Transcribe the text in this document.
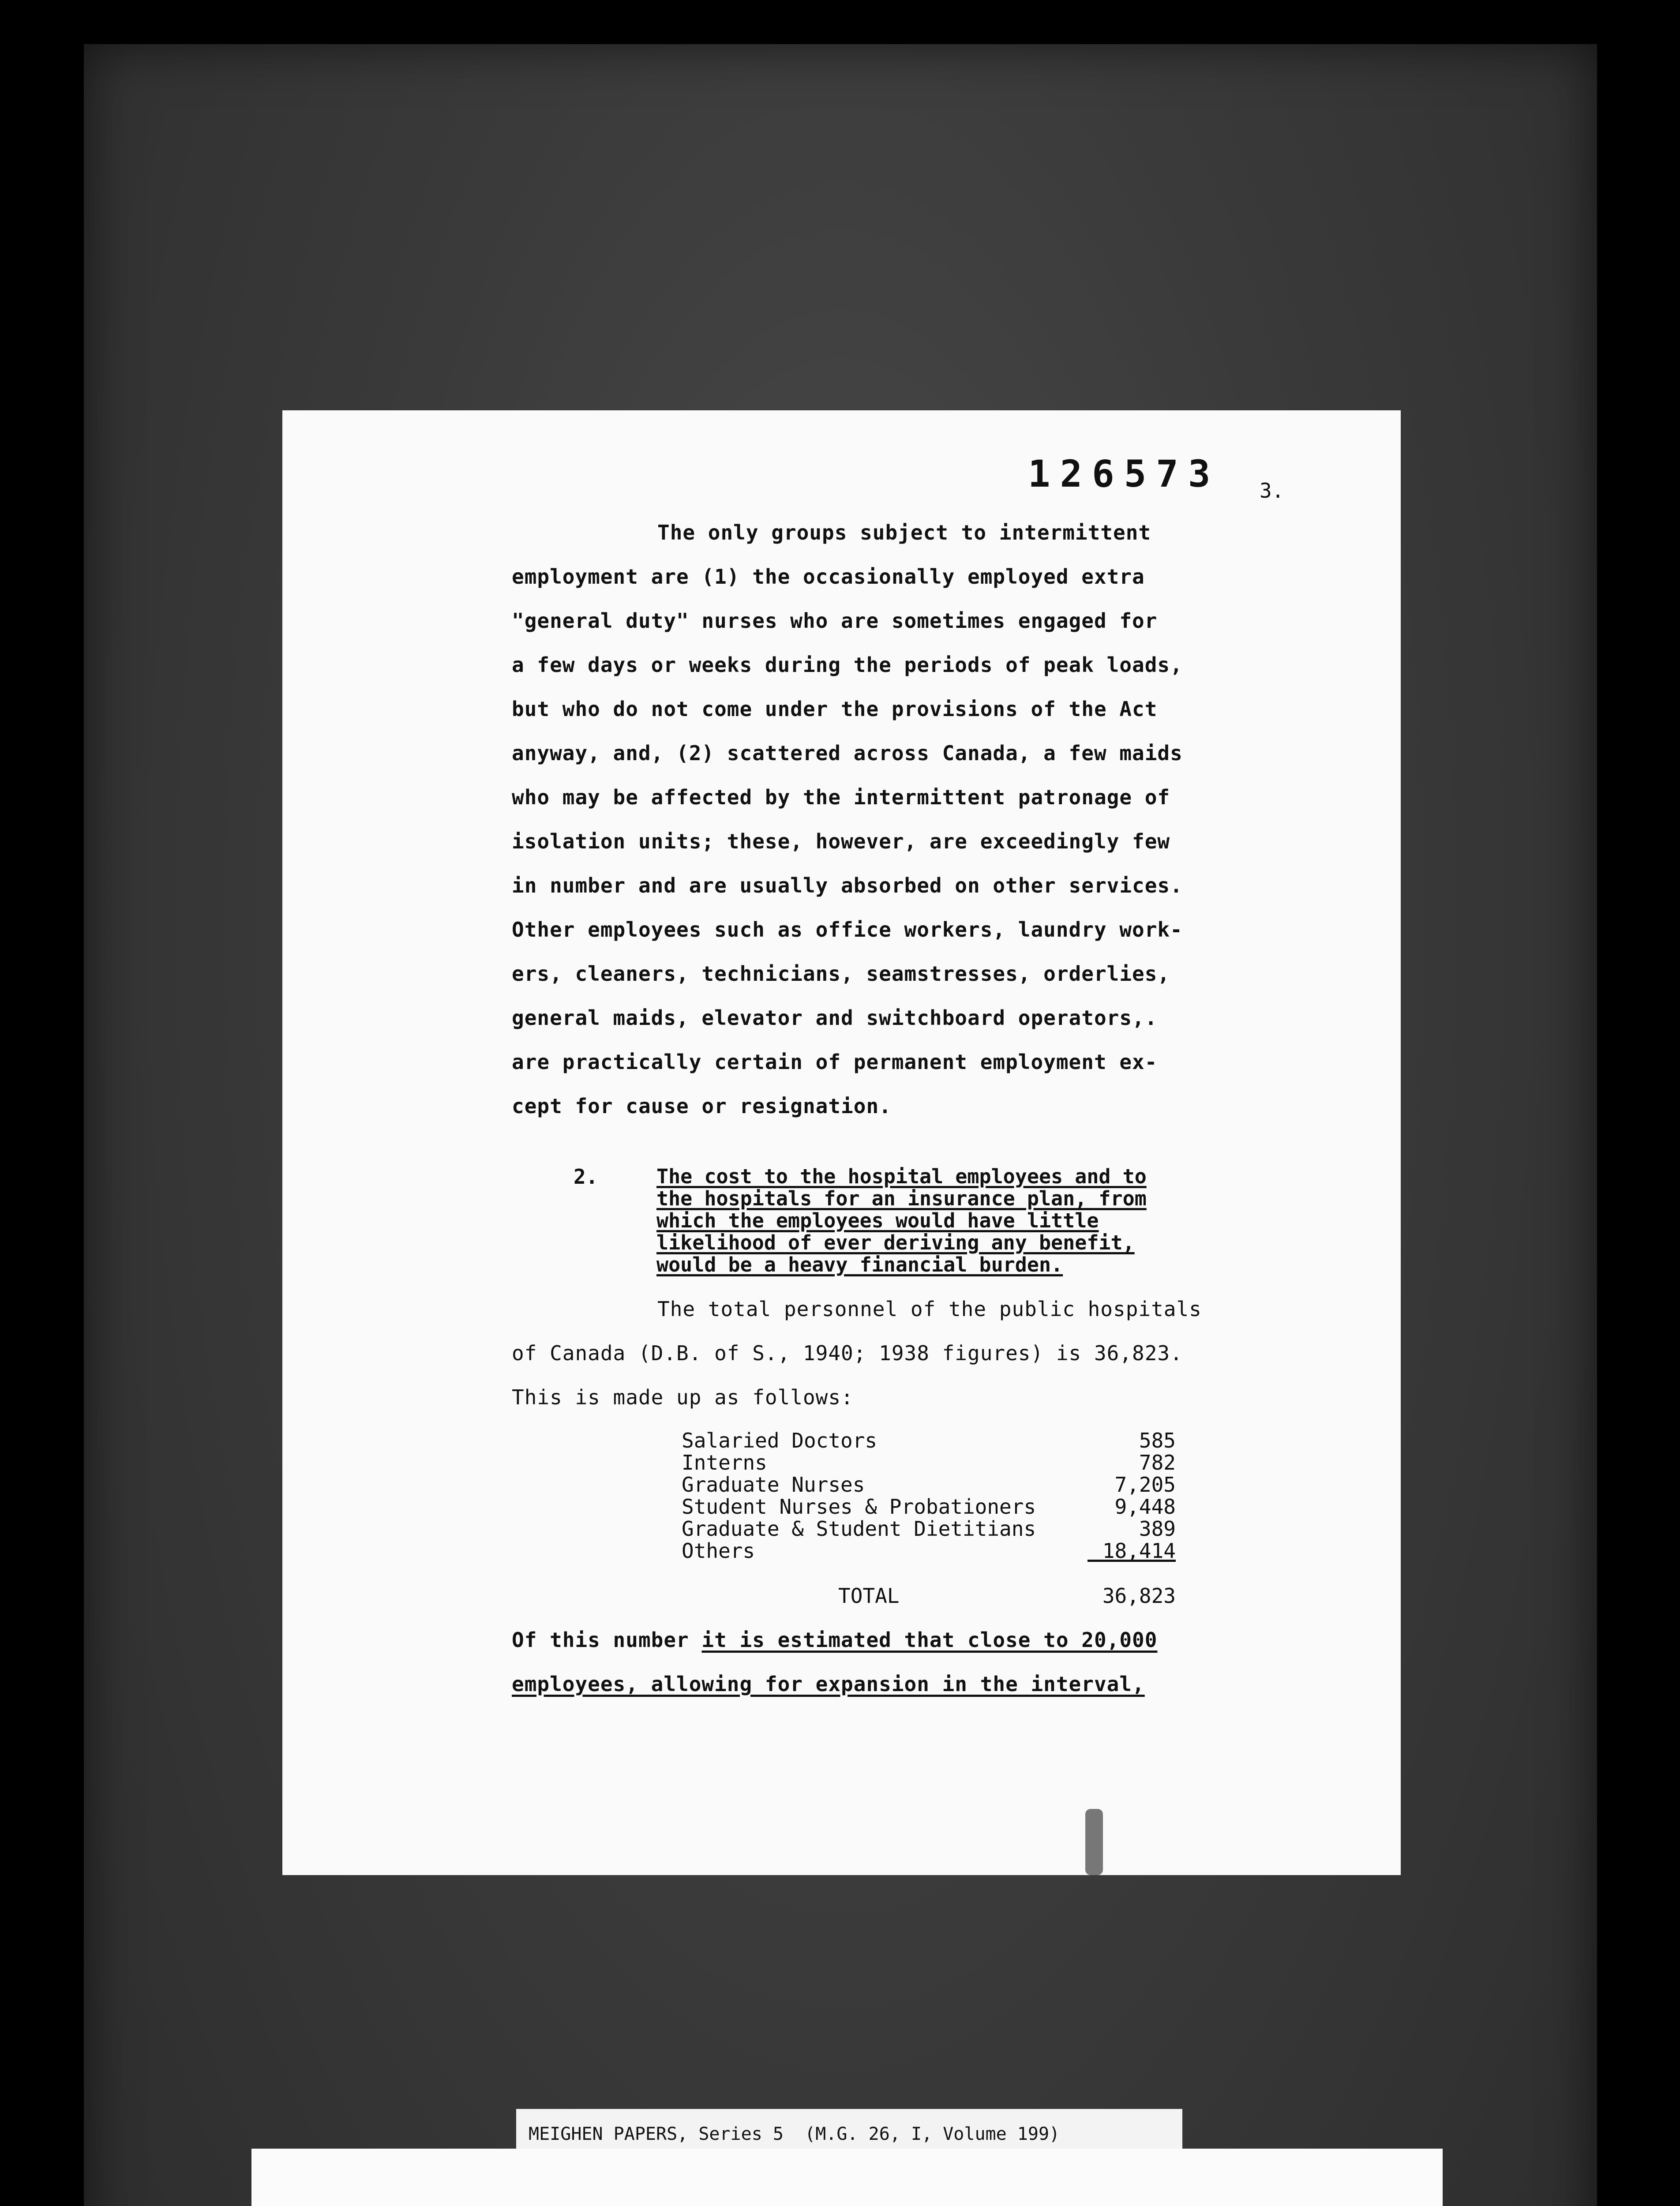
126573 3.
The only groups subject to intermittent
employment are (1) the occasionally employed extra
"general duty" nurses who are sometimes engaged for
a few days or weeks during the periods of peak loads,
but who do not come under the provisions of the Act
anyway, and, (2) scattered across Canada, a few maids
who may be affected by the intermittent patronage of
isolation units; these, however, are exceedingly few
in number and are usually absorbed on other services.
Other employees such as office workers, laundry work-
ers, cleaners, technicians, seamstresses, orderlies,
general maids, elevator and switchboard operators,.
are practically certain of permanent employment ex-
cept for cause or resignation.
2.	The cost to the hospital employees and to
the hospitals for an insurance plan, from
which the employees would have little
likelihood of ever deriving any benefit,
would be a heavy financial burden.
The total personnel of the public hospitals
of Canada (D.B. of S., 1940; 1938 figures) is 36,823.
This is made up as follows:
Salaried Doctors	585
Interns	782
Graduate Nurses	7,205
Student Nurses & Probationers	9,448
Graduate & Student Dietitians	389
Others	18,414
TOTAL	36,823
Of this number it is estimated that close to 20,000
employees, allowing for expansion in the interval,
MEIGHEN PAPERS, Series 5  (M.G. 26, I, Volume 199)
